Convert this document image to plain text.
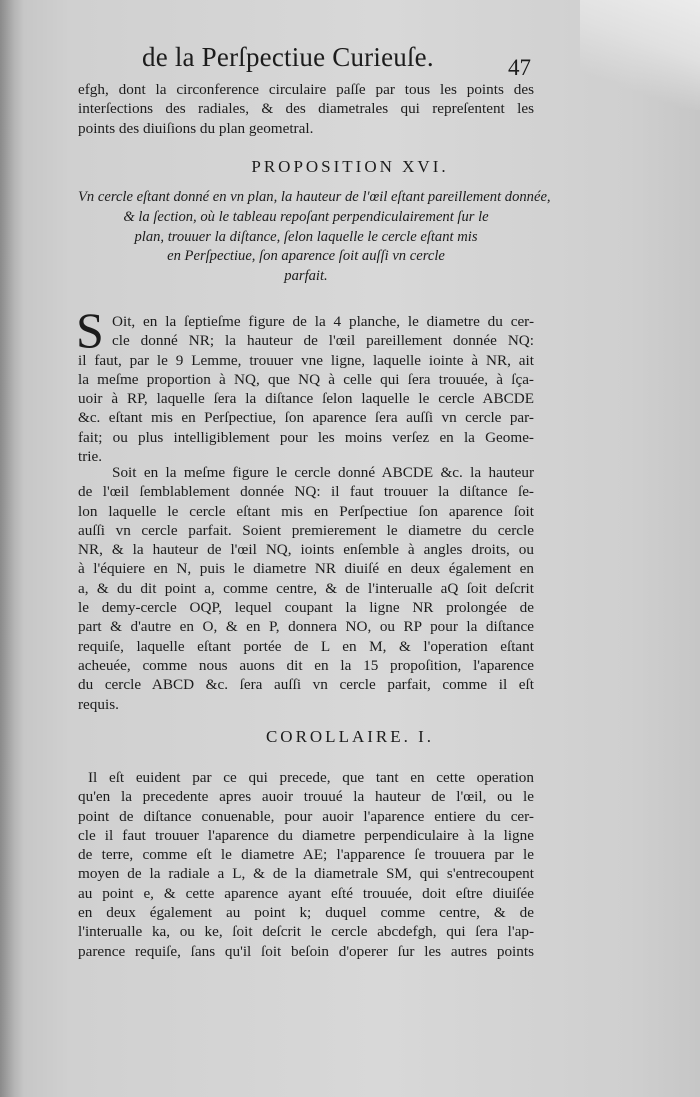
de la Perſpectiue Curieuſe.	47
efgh, dont la circonference circulaire paſſe par tous les points des
interſections des radiales, & des diametrales qui repreſentent les
points des diuiſions du plan geometral.
PROPOSITION XVI.
Vn cercle eſtant donné en vn plan, la hauteur de l'œil eſtant pareillement donnée,
& la ſection, où le tableau repoſant perpendiculairement ſur le
plan, trouuer la diſtance, ſelon laquelle le cercle eſtant mis
en Perſpectiue, ſon aparence ſoit auſſi vn cercle
parfait.
S Oit, en la ſeptieſme figure de la 4 planche, le diametre du cer-
cle donné NR; la hauteur de l'œil pareillement donnée NQ:
il faut, par le 9 Lemme, trouuer vne ligne, laquelle iointe à NR, ait
la meſme proportion à NQ, que NQ à celle qui ſera trouuée, à ſça-
uoir à RP, laquelle ſera la diſtance ſelon laquelle le cercle ABCDE
&c. eſtant mis en Perſpectiue, ſon aparence ſera auſſi vn cercle par-
fait; ou plus intelligiblement pour les moins verſez en la Geome-
trie.
Soit en la meſme figure le cercle donné ABCDE &c. la hauteur
de l'œil ſemblablement donnée NQ: il faut trouuer la diſtance ſe-
lon laquelle le cercle eſtant mis en Perſpectiue ſon aparence ſoit
auſſi vn cercle parfait. Soient premierement le diametre du cercle
NR, & la hauteur de l'œil NQ, ioints enſemble à angles droits, ou
à l'équiere en N, puis le diametre NR diuiſé en deux également en
a, & du dit point a, comme centre, & de l'interualle aQ ſoit deſcrit
le demy-cercle OQP, lequel coupant la ligne NR prolongée de
part & d'autre en O, & en P, donnera NO, ou RP pour la diſtance
requiſe, laquelle eſtant portée de L en M, & l'operation eſtant
acheuée, comme nous auons dit en la 15 propoſition, l'aparence
du cercle ABCD &c. ſera auſſi vn cercle parfait, comme il eſt
requis.
COROLLAIRE. I.
Il eſt euident par ce qui precede, que tant en cette operation
qu'en la precedente apres auoir trouué la hauteur de l'œil, ou le
point de diſtance conuenable, pour auoir l'aparence entiere du cer-
cle il faut trouuer l'aparence du diametre perpendiculaire à la ligne
de terre, comme eſt le diametre AE; l'apparence ſe trouuera par le
moyen de la radiale a L, & de la diametrale SM, qui s'entrecoupent
au point e, & cette aparence ayant eſté trouuée, doit eſtre diuiſée
en deux également au point k; duquel comme centre, & de
l'interualle ka, ou ke, ſoit deſcrit le cercle abcdefgh, qui ſera l'ap-
parence requiſe, ſans qu'il ſoit beſoin d'operer ſur les autres points
